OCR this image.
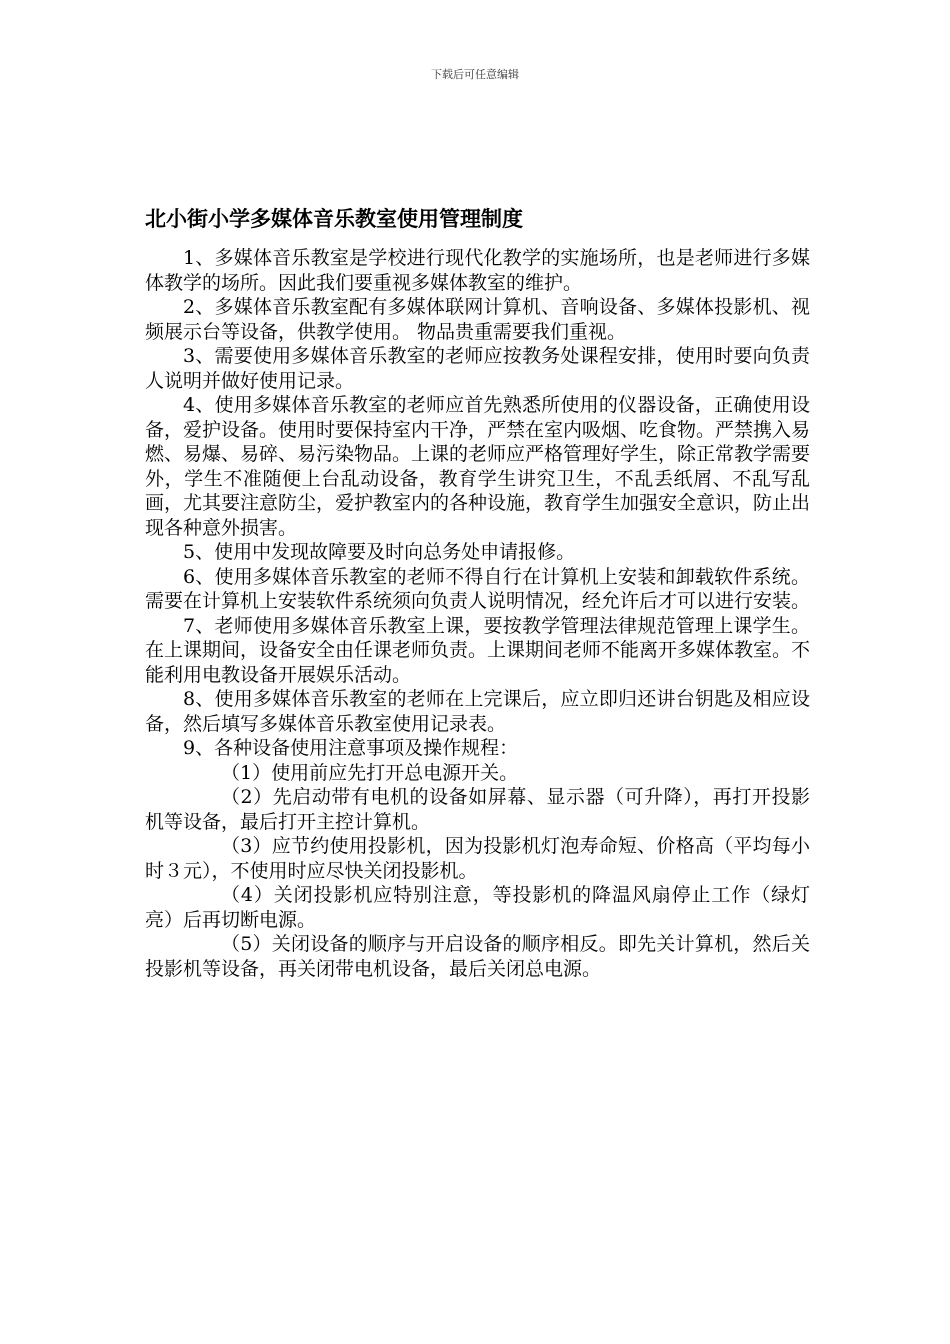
下载后可任意编辑
北小街小学多媒体音乐教室使用管理制度

1、多媒体音乐教室是学校进行现代化教学的实施场所，也是老师进行多媒体教学的场所。因此我们要重视多媒体教室的维护。

2、多媒体音乐教室配有多媒体联网计算机、音响设备、多媒体投影机、视频展示台等设备，供教学使用。 物品贵重需要我们重视。

3、需要使用多媒体音乐教室的老师应按教务处课程安排，使用时要向负责人说明并做好使用记录。

4、使用多媒体音乐教室的老师应首先熟悉所使用的仪器设备，正确使用设备，爱护设备。使用时要保持室内干净，严禁在室内吸烟、吃食物。严禁携入易燃、易爆、易碎、易污染物品。上课的老师应严格管理好学生，除正常教学需要外，学生不准随便上台乱动设备，教育学生讲究卫生，不乱丢纸屑、不乱写乱画，尤其要注意防尘，爱护教室内的各种设施，教育学生加强安全意识，防止出现各种意外损害。

5、使用中发现故障要及时向总务处申请报修。

6、使用多媒体音乐教室的老师不得自行在计算机上安装和卸载软件系统。需要在计算机上安装软件系统须向负责人说明情况，经允许后才可以进行安装。

7、老师使用多媒体音乐教室上课，要按教学管理法律规范管理上课学生。在上课期间，设备安全由任课老师负责。上课期间老师不能离开多媒体教室。不能利用电教设备开展娱乐活动。

8、使用多媒体音乐教室的老师在上完课后，应立即归还讲台钥匙及相应设备，然后填写多媒体音乐教室使用记录表。

9、各种设备使用注意事项及操作规程：

（1）使用前应先打开总电源开关。

（2）先启动带有电机的设备如屏幕、显示器（可升降），再打开投影机等设备，最后打开主控计算机。

（3）应节约使用投影机，因为投影机灯泡寿命短、价格高（平均每小时３元），不使用时应尽快关闭投影机。

（4）关闭投影机应特别注意，等投影机的降温风扇停止工作（绿灯亮）后再切断电源。

（5）关闭设备的顺序与开启设备的顺序相反。即先关计算机，然后关投影机等设备，再关闭带电机设备，最后关闭总电源。
